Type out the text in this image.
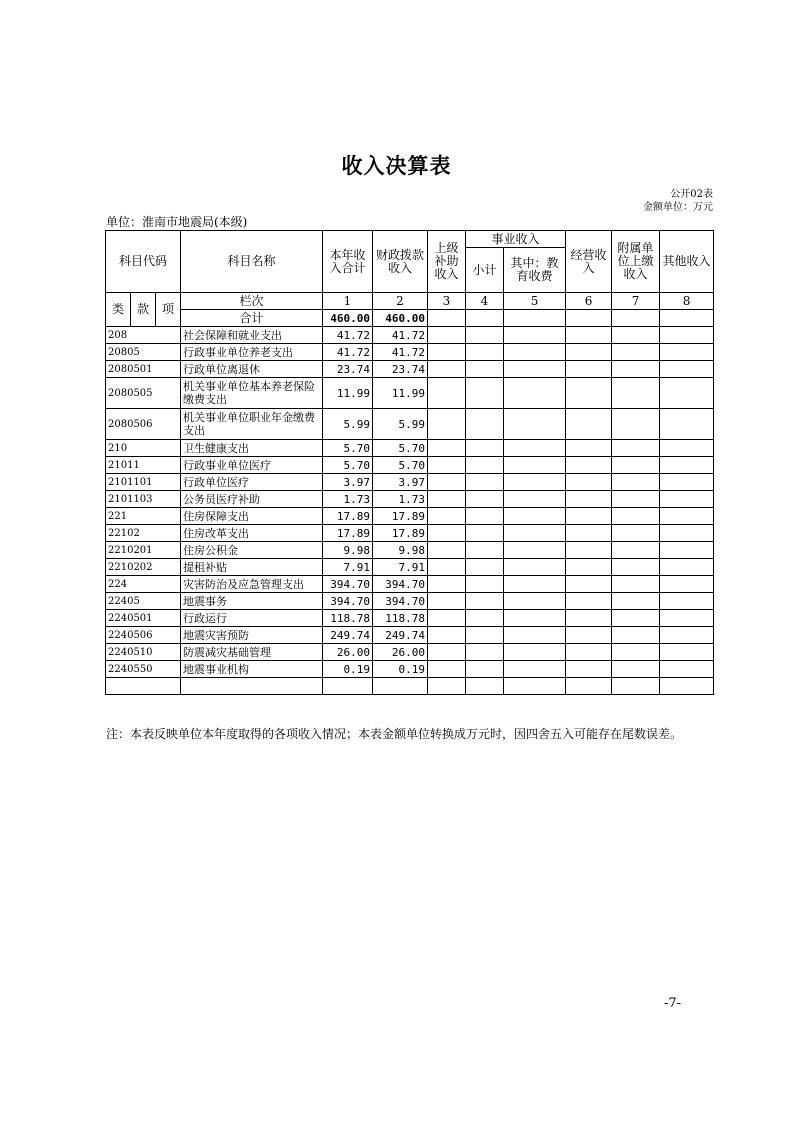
收入决算表
公开02表
金额单位：万元
单位：淮南市地震局(本级)
科目代码			科目名称	本年收入合计	财政拨款收入	上级补助收入	事业收入		经营收入	附属单位上缴收入	其他收入
							小计	其中：教育收费			
类	款	项	栏次	1	2	3	4	5	6	7	8
			合计	460.00	460.00						
208			社会保障和就业支出	41.72	41.72						
20805			行政事业单位养老支出	41.72	41.72						
2080501			行政单位离退休	23.74	23.74						
2080505			机关事业单位基本养老保险缴费支出	11.99	11.99						
2080506			机关事业单位职业年金缴费支出	5.99	5.99						
210			卫生健康支出	5.70	5.70						
21011			行政事业单位医疗	5.70	5.70						
2101101			行政单位医疗	3.97	3.97						
2101103			公务员医疗补助	1.73	1.73						
221			住房保障支出	17.89	17.89						
22102			住房改革支出	17.89	17.89						
2210201			住房公积金	9.98	9.98						
2210202			提租补贴	7.91	7.91						
224			灾害防治及应急管理支出	394.70	394.70						
22405			地震事务	394.70	394.70						
2240501			行政运行	118.78	118.78						
2240506			地震灾害预防	249.74	249.74						
2240510			防震减灾基础管理	26.00	26.00						
2240550			地震事业机构	0.19	0.19						

注：本表反映单位本年度取得的各项收入情况；本表金额单位转换成万元时，因四舍五入可能存在尾数误差。
-7-
